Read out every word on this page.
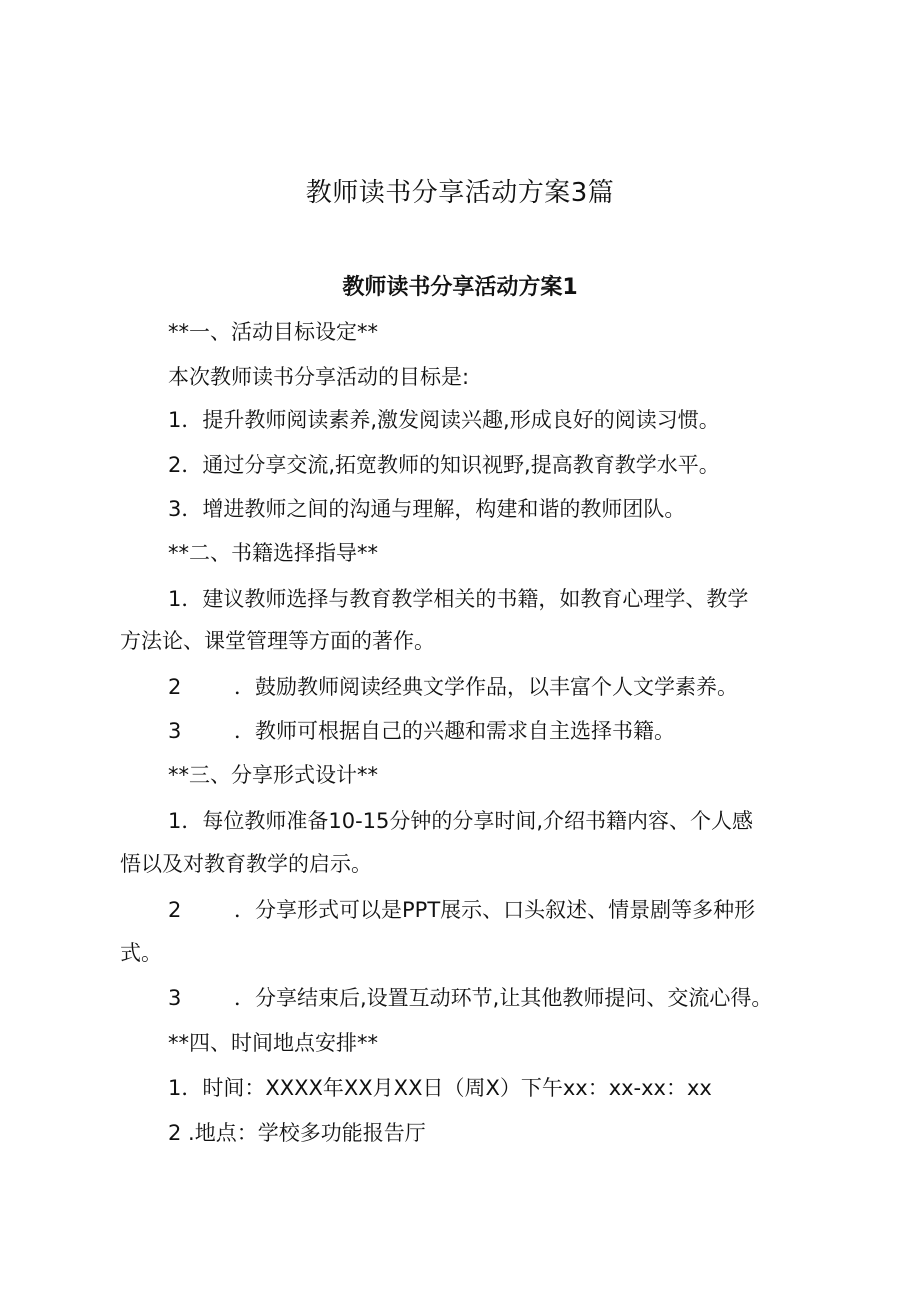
教师读书分享活动方案3篇
教师读书分享活动方案1
**一、活动目标设定**
本次教师读书分享活动的目标是:
1．提升教师阅读素养,激发阅读兴趣,形成良好的阅读习惯。
2．通过分享交流,拓宽教师的知识视野,提高教育教学水平。
3．增进教师之间的沟通与理解，构建和谐的教师团队。
**二、书籍选择指导**
1．建议教师选择与教育教学相关的书籍，如教育心理学、教学
方法论、课堂管理等方面的著作。
2	．鼓励教师阅读经典文学作品，以丰富个人文学素养。
3	．教师可根据自己的兴趣和需求自主选择书籍。
**三、分享形式设计**
1．每位教师准备10-15分钟的分享时间,介绍书籍内容、个人感
悟以及对教育教学的启示。
2	．分享形式可以是PPT展示、口头叙述、情景剧等多种形
式。
3	．分享结束后,设置互动环节,让其他教师提问、交流心得。
**四、时间地点安排**
1．时间：XXXX年XX月XX日（周X）下午xx：xx-xx：xx
2 .地点：学校多功能报告厅
